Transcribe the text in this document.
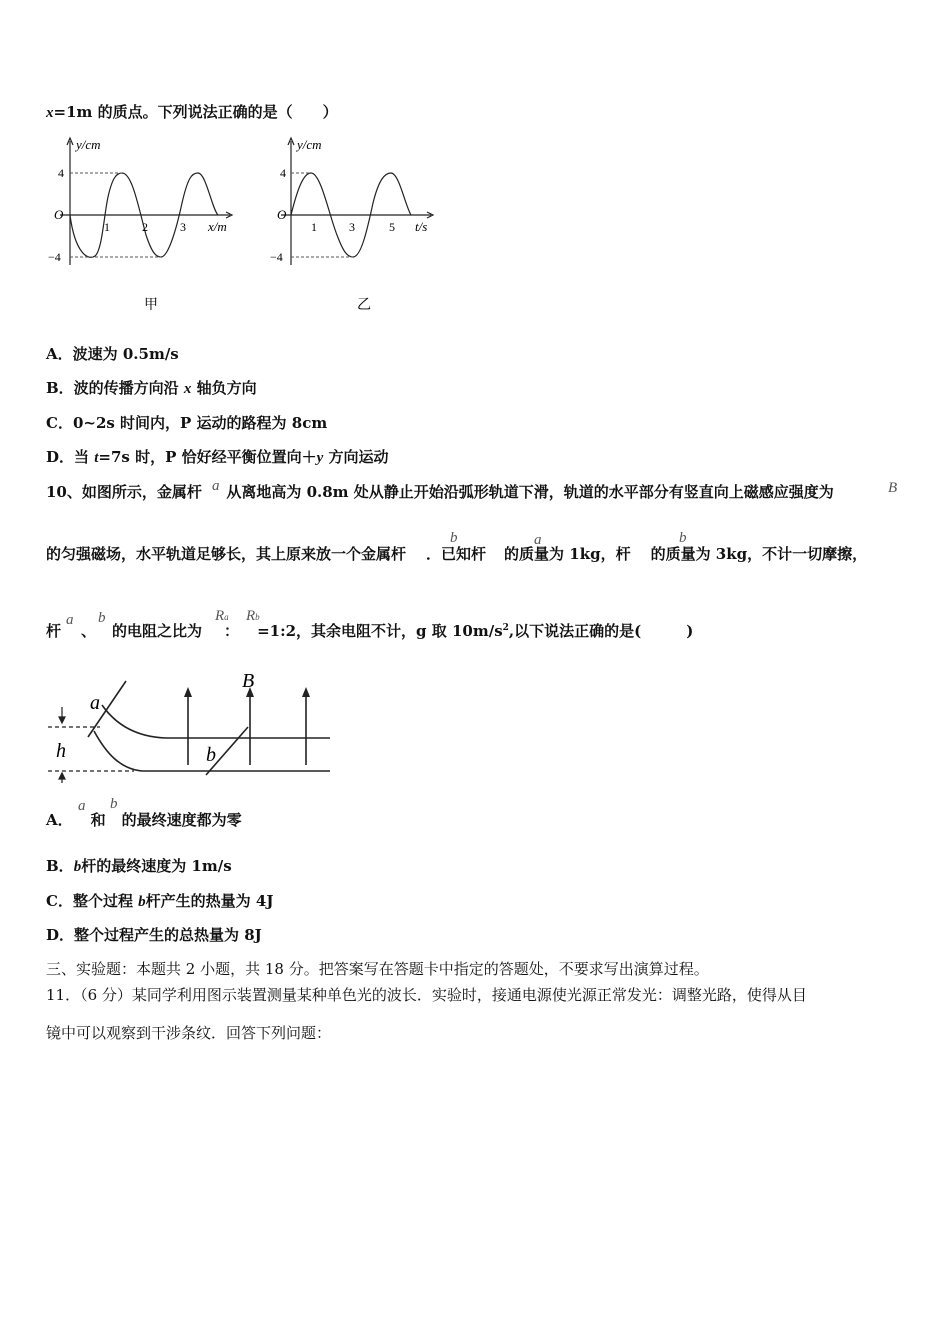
x=1m 的质点。下列说法正确的是（　　）
y/cm
O
4
−4
1	2	3 x/m
甲
y/cm
O
4
−4
1	3	5 t/s
乙
A．波速为 0.5m/s
B．波的传播方向沿 x 轴负方向
C．0~2s 时间内，P 运动的路程为 8cm
D．当 t=7s 时，P 恰好经平衡位置向＋y 方向运动
10、如图所示，金属杆 从离地高为 0.8m 处从静止开始沿弧形轨道下滑，轨道的水平部分有竖直向上磁感应强度为
a	B
的匀强磁场，水平轨道足够长，其上原来放一个金属杆 ．已知杆 的质量为 1kg，杆 的质量为 3kg，不计一切摩擦，
b	a	b
杆 、 的电阻之比为 ： =1:2，其余电阻不计，g 取 $10m/s^2$,以下说法正确的是(　　　)
a b	Ra Rb
a
h	b
B
A． 和 的最终速度都为零
a b
B．b杆的最终速度为 1m/s
C．整个过程 b杆产生的热量为 4J
D．整个过程产生的总热量为 8J
三、实验题：本题共 2 小题，共 18 分。把答案写在答题卡中指定的答题处，不要求写出演算过程。
11．（6 分）某同学利用图示装置测量某种单色光的波长．实验时，接通电源使光源正常发光：调整光路，使得从目
镜中可以观察到干涉条纹．回答下列问题：
